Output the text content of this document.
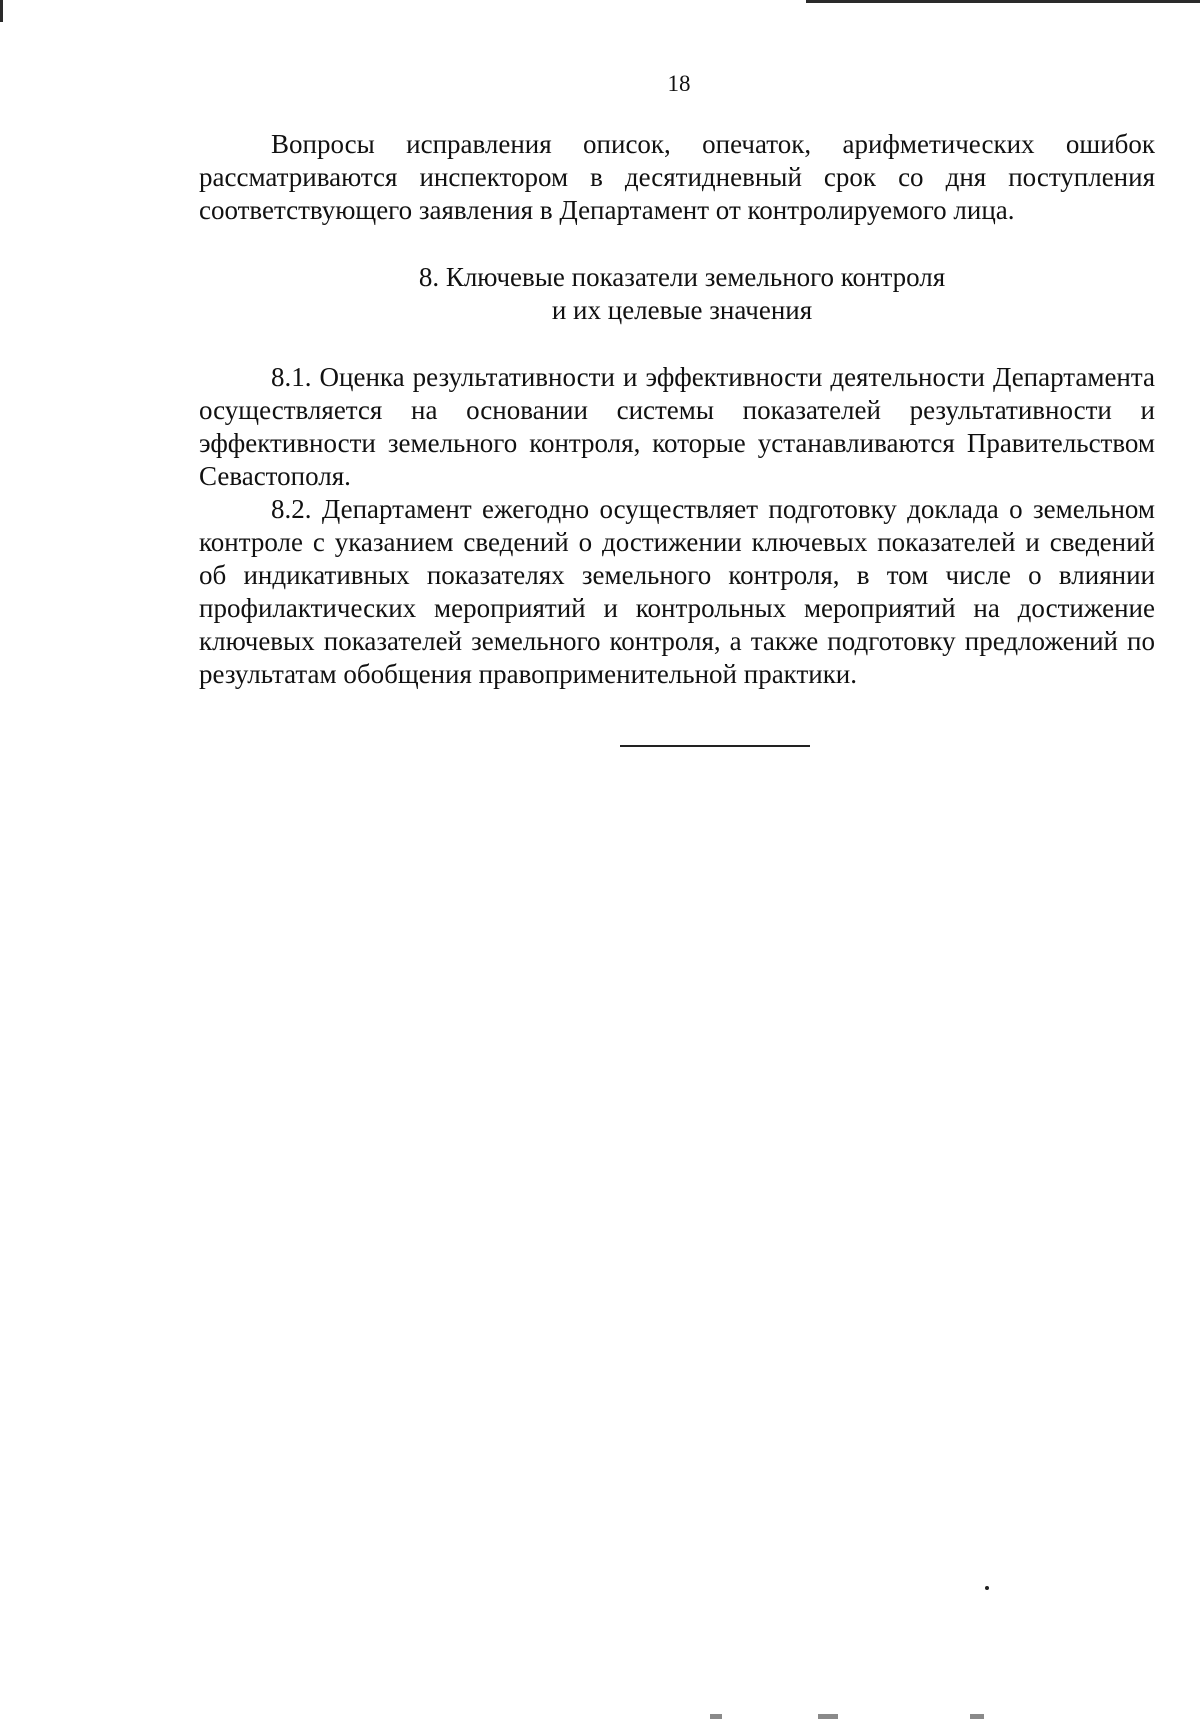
18

Вопросы исправления описок, опечаток, арифметических ошибок рассматриваются инспектором в десятидневный срок со дня поступления соответствующего заявления в Департамент от контролируемого лица.

8. Ключевые показатели земельного контроля
и их целевые значения

8.1. Оценка результативности и эффективности деятельности Департамента осуществляется на основании системы показателей результативности и эффективности земельного контроля, которые устанавливаются Правительством Севастополя.

8.2. Департамент ежегодно осуществляет подготовку доклада о земельном контроле с указанием сведений о достижении ключевых показателей и сведений об индикативных показателях земельного контроля, в том числе о влиянии профилактических мероприятий и контрольных мероприятий на достижение ключевых показателей земельного контроля, а также подготовку предложений по результатам обобщения правоприменительной практики.
